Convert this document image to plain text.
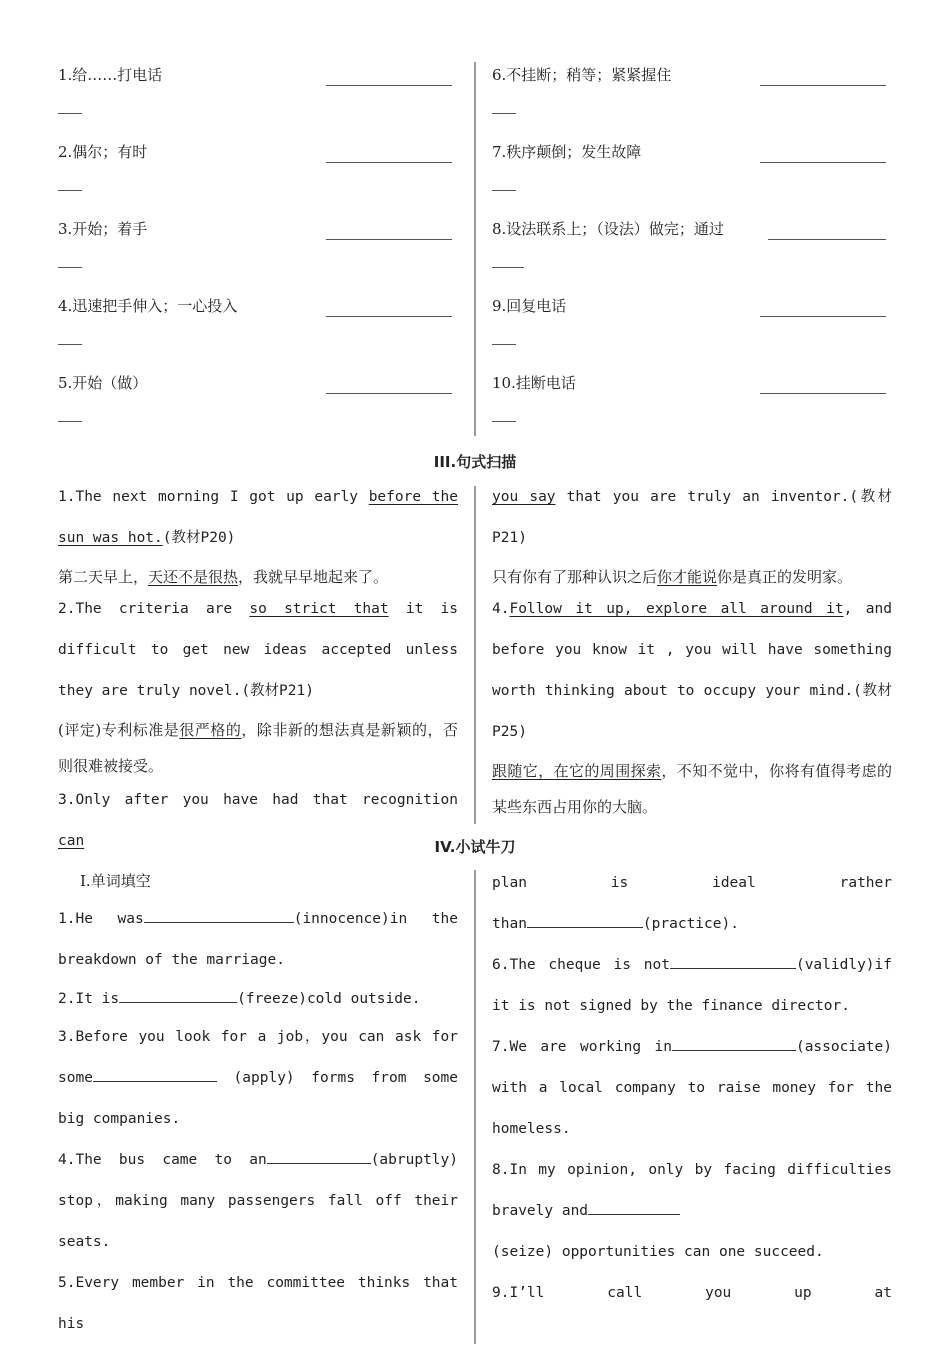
1.给……打电话
2.偶尔；有时
3.开始；着手
4.迅速把手伸入；一心投入
5.开始（做）
6.不挂断；稍等；紧紧握住
7.秩序颠倒；发生故障
8.设法联系上；（设法）做完；通过
9.回复电话
10.挂断电话
III.句式扫描

1.The next morning I got up early before the sun was hot.(教材P20)

第二天早上，天还不是很热，我就早早地起来了。

2.The criteria are so strict that it is difficult to get new ideas accepted unless they are truly novel.(教材P21)

(评定)专利标准是很严格的，除非新的想法真是新颖的，否则很难被接受。

3.Only after you have had that recognition can

you say that you are truly an inventor.(教材P21)

只有你有了那种认识之后你才能说你是真正的发明家。

4.Follow it up, explore all around it, and before you know it , you will have something worth thinking about to occupy your mind.(教材P25)

跟随它，在它的周围探索，不知不觉中，你将有值得考虑的某些东西占用你的大脑。

IV.小试牛刀

Ⅰ.单词填空

1.He was	(innocence)in the breakdown of the marriage.

2.It is	(freeze)cold outside.

3.Before you look for a job，you can ask for some	(apply) forms from some big companies.

4.The bus came to an	(abruptly) stop，making many passengers fall off their seats.

5.Every member in the committee thinks that his

plan is ideal rather
than	(practice).

6.The cheque is not	(validly)if it is not signed by the finance director.

7.We are working in	(associate) with a local company to raise money for the homeless.

8.In my opinion, only by facing difficulties bravely and
(seize) opportunities can one succeed.

9.I’ll call you up at
